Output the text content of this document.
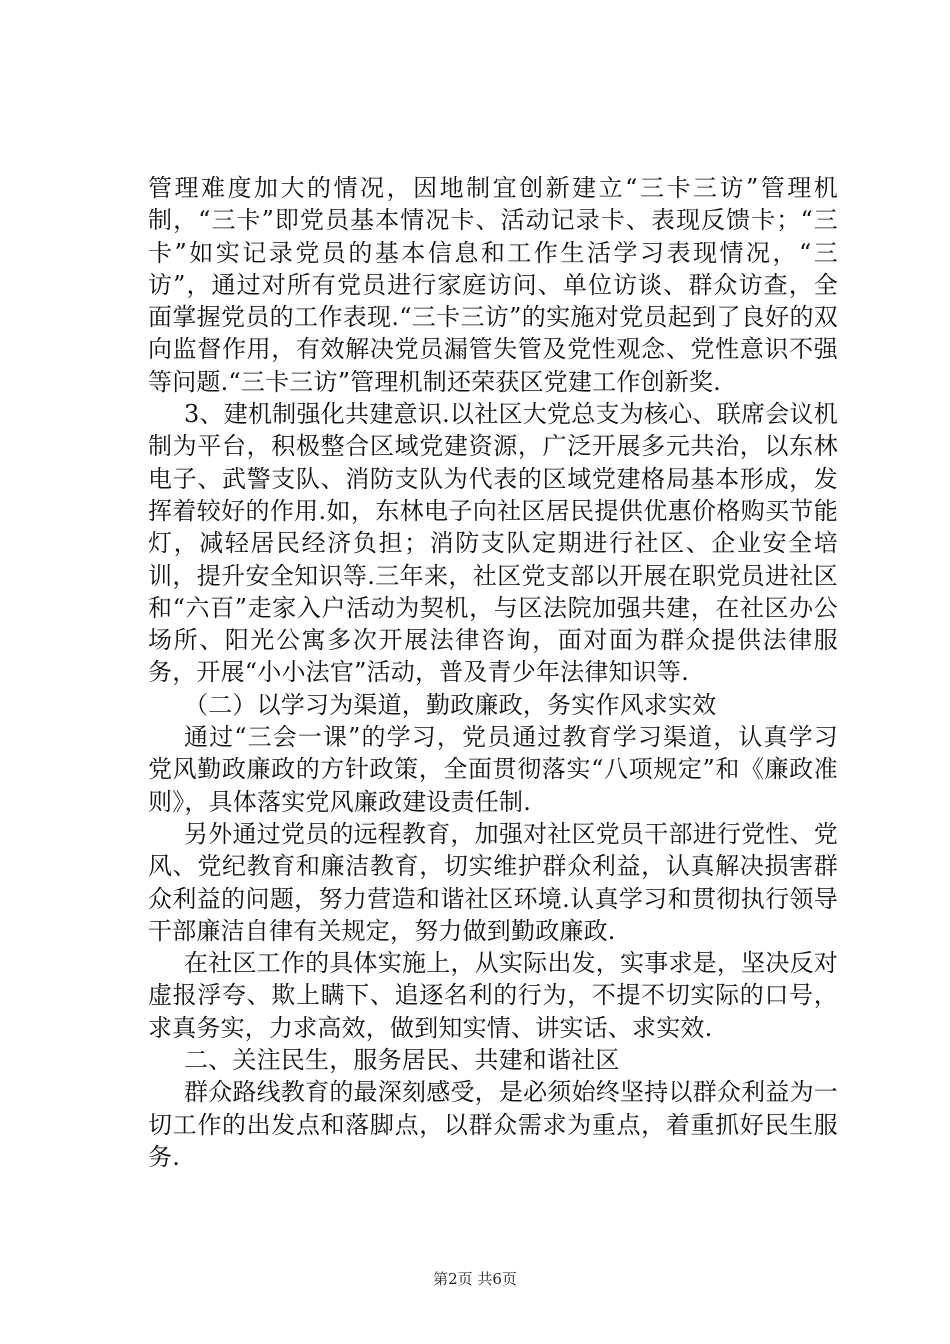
管理难度加大的情况，因地制宜创新建立“三卡三访”管理机制，“三卡”即党员基本情况卡、活动记录卡、表现反馈卡；“三卡”如实记录党员的基本信息和工作生活学习表现情况，“三访”，通过对所有党员进行家庭访问、单位访谈、群众访查，全面掌握党员的工作表现.“三卡三访”的实施对党员起到了良好的双向监督作用，有效解决党员漏管失管及党性观念、党性意识不强等问题.“三卡三访”管理机制还荣获区党建工作创新奖.

3、建机制强化共建意识.以社区大党总支为核心、联席会议机制为平台，积极整合区域党建资源，广泛开展多元共治，以东林电子、武警支队、消防支队为代表的区域党建格局基本形成，发挥着较好的作用.如，东林电子向社区居民提供优惠价格购买节能灯，减轻居民经济负担；消防支队定期进行社区、企业安全培训，提升安全知识等.三年来，社区党支部以开展在职党员进社区和“六百”走家入户活动为契机，与区法院加强共建，在社区办公场所、阳光公寓多次开展法律咨询，面对面为群众提供法律服务，开展“小小法官”活动，普及青少年法律知识等.

（二）以学习为渠道，勤政廉政，务实作风求实效

通过“三会一课”的学习，党员通过教育学习渠道，认真学习党风勤政廉政的方针政策，全面贯彻落实“八项规定”和《廉政准则》，具体落实党风廉政建设责任制.

另外通过党员的远程教育，加强对社区党员干部进行党性、党风、党纪教育和廉洁教育，切实维护群众利益，认真解决损害群众利益的问题，努力营造和谐社区环境.认真学习和贯彻执行领导干部廉洁自律有关规定，努力做到勤政廉政.

在社区工作的具体实施上，从实际出发，实事求是，坚决反对虚报浮夸、欺上瞒下、追逐名利的行为，不提不切实际的口号，求真务实，力求高效，做到知实情、讲实话、求实效.

二、关注民生，服务居民、共建和谐社区

群众路线教育的最深刻感受，是必须始终坚持以群众利益为一切工作的出发点和落脚点，以群众需求为重点，着重抓好民生服务.

第2页 共6页
